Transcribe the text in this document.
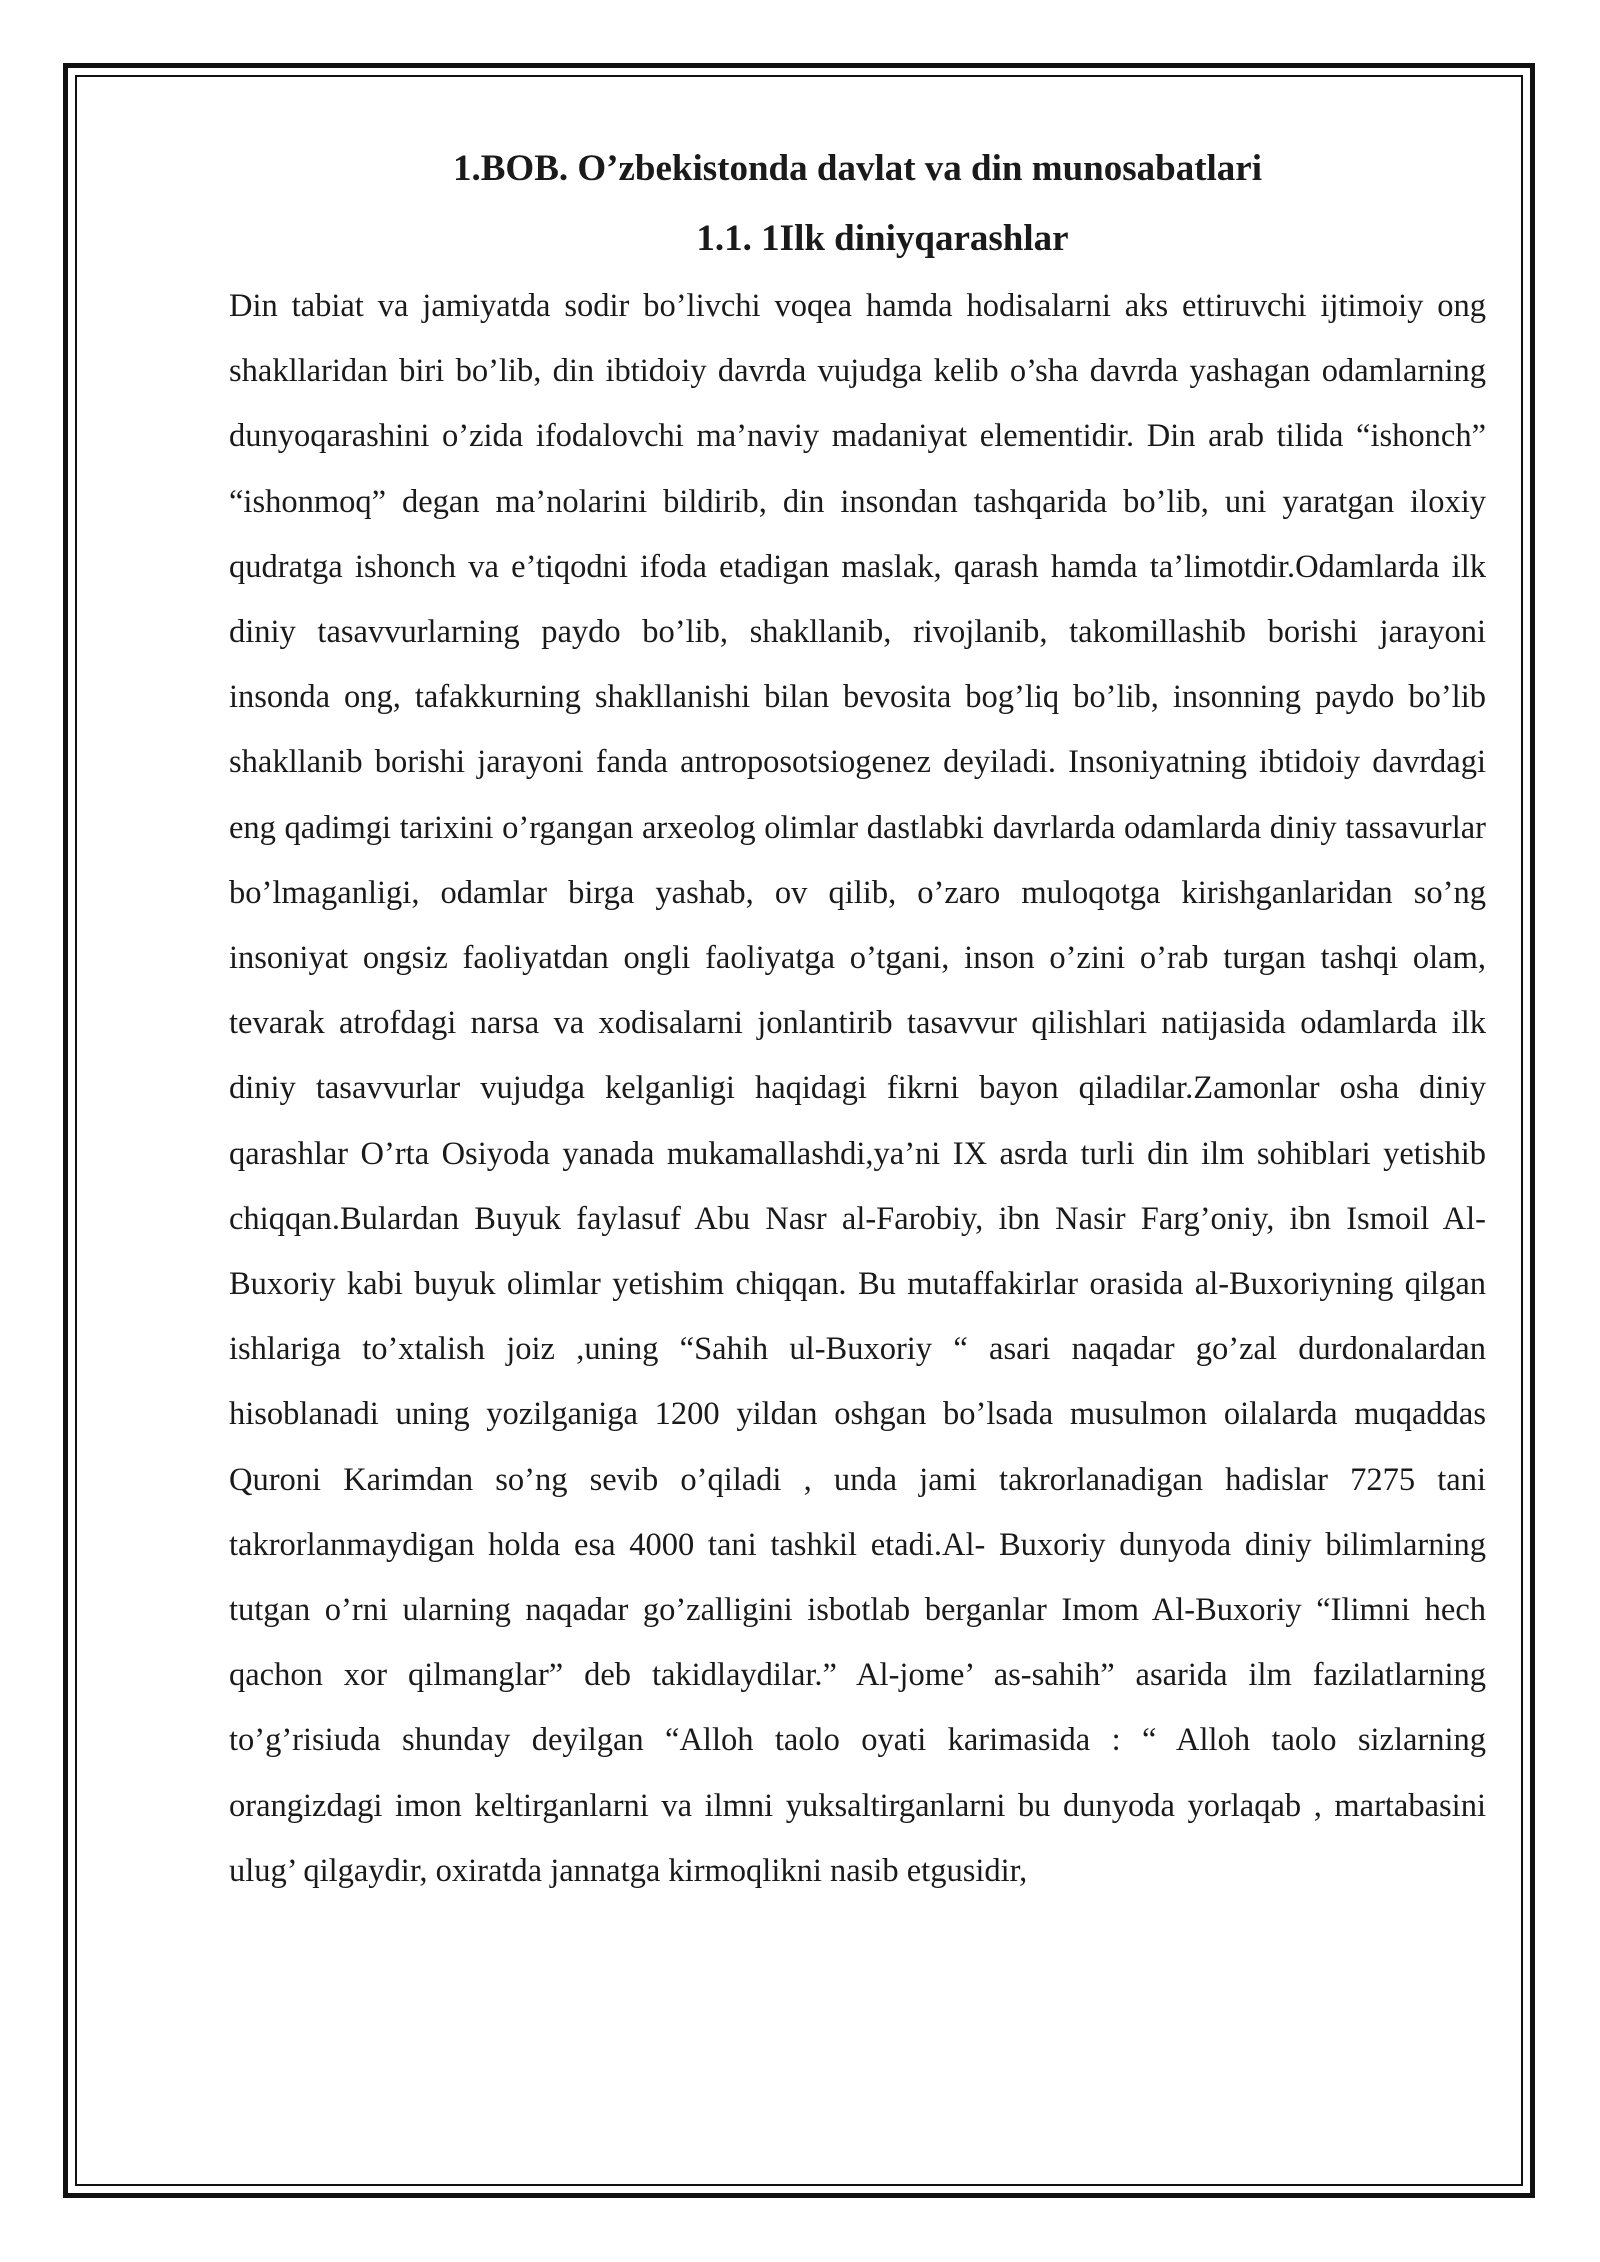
1.BOB. O’zbekistonda davlat va din munosabatlari
1.1. 1Ilk diniyqarashlar

Din tabiat va jamiyatda sodir bo’livchi voqea hamda hodisalarni aks ettiruvchi ijtimoiy ong shakllaridan biri bo’lib, din ibtidoiy davrda vujudga kelib o’sha davrda yashagan odamlarning dunyoqarashini o’zida ifodalovchi ma’naviy madaniyat elementidir. Din arab tilida “ishonch” “ishonmoq” degan ma’nolarini bildirib, din insondan tashqarida bo’lib, uni yaratgan iloxiy qudratga ishonch va e’tiqodni ifoda etadigan maslak, qarash hamda ta’limotdir.Odamlarda ilk diniy tasavvurlarning paydo bo’lib, shakllanib, rivojlanib, takomillashib borishi jarayoni insonda ong, tafakkurning shakllanishi bilan bevosita bog’liq bo’lib, insonning paydo bo’lib shakllanib borishi jarayoni fanda antroposotsiogenez deyiladi. Insoniyatning ibtidoiy davrdagi eng qadimgi tarixini o’rgangan arxeolog olimlar dastlabki davrlarda odamlarda diniy tassavurlar bo’lmaganligi, odamlar birga yashab, ov qilib, o’zaro muloqotga kirishganlaridan so’ng insoniyat ongsiz faoliyatdan ongli faoliyatga o’tgani, inson o’zini o’rab turgan tashqi olam, tevarak atrofdagi narsa va xodisalarni jonlantirib tasavvur qilishlari natijasida odamlarda ilk diniy tasavvurlar vujudga kelganligi haqidagi fikrni bayon qiladilar.Zamonlar osha diniy qarashlar O’rta Osiyoda yanada mukamallashdi,ya’ni IX asrda turli din ilm sohiblari yetishib chiqqan.Bulardan Buyuk faylasuf Abu Nasr al-Farobiy, ibn Nasir Farg’oniy, ibn Ismoil Al-Buxoriy kabi buyuk olimlar yetishim chiqqan. Bu mutaffakirlar orasida al-Buxoriyning qilgan ishlariga to’xtalish joiz ,uning “Sahih ul-Buxoriy “ asari naqadar go’zal durdonalardan hisoblanadi uning yozilganiga 1200 yildan oshgan bo’lsada musulmon oilalarda muqaddas Quroni Karimdan so’ng sevib o’qiladi , unda jami takrorlanadigan hadislar 7275 tani takrorlanmaydigan holda esa 4000 tani tashkil etadi.Al- Buxoriy dunyoda diniy bilimlarning tutgan o’rni ularning naqadar go’zalligini isbotlab berganlar Imom Al-Buxoriy “Ilimni hech qachon xor qilmanglar” deb takidlaydilar.” Al-jome’ as-sahih” asarida ilm fazilatlarning to’g’risiuda shunday deyilgan “Alloh taolo oyati karimasida : “ Alloh taolo sizlarning orangizdagi imon keltirganlarni va ilmni yuksaltirganlarni bu dunyoda yorlaqab , martabasini ulug’ qilgaydir, oxiratda jannatga kirmoqlikni nasib etgusidir,
